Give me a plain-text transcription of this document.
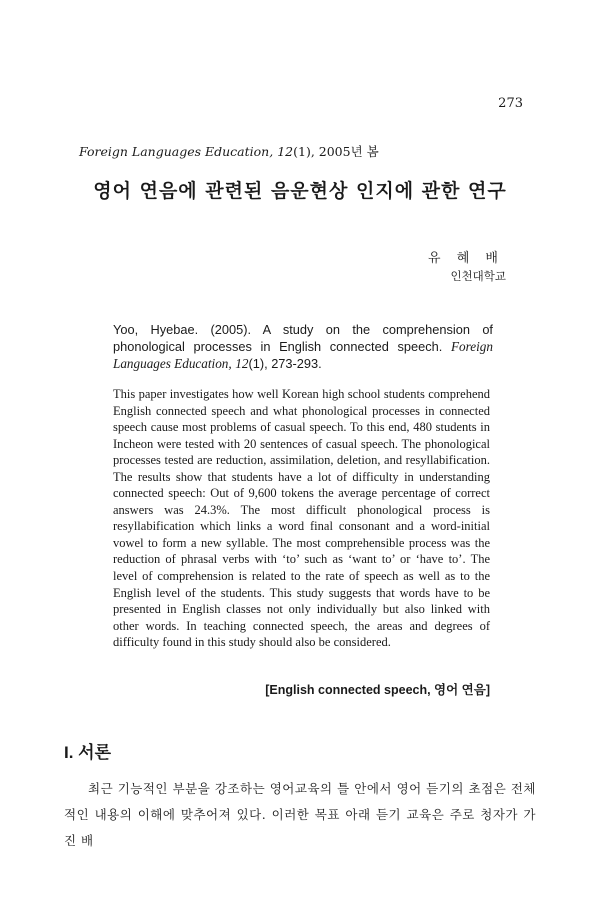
273
Foreign Languages Education, 12(1), 2005년 봄
영어 연음에 관련된 음운현상 인지에 관한 연구
유 혜 배
인천대학교
Yoo, Hyebae. (2005). A study on the comprehension of phonological processes in English connected speech. Foreign Languages Education, 12(1), 273-293.
This paper investigates how well Korean high school students comprehend English connected speech and what phonological processes in connected speech cause most problems of casual speech. To this end, 480 students in Incheon were tested with 20 sentences of casual speech. The phonological processes tested are reduction, assimilation, deletion, and resyllabification. The results show that students have a lot of difficulty in understanding connected speech: Out of 9,600 tokens the average percentage of correct answers was 24.3%. The most difficult phonological process is resyllabification which links a word final consonant and a word-initial vowel to form a new syllable. The most comprehensible process was the reduction of phrasal verbs with ‘to’ such as ‘want to’ or ‘have to’. The level of comprehension is related to the rate of speech as well as to the English level of the students. This study suggests that words have to be presented in English classes not only individually but also linked with other words. In teaching connected speech, the areas and degrees of difficulty found in this study should also be considered.
[English connected speech, 영어 연음]
I. 서론
최근 기능적인 부분을 강조하는 영어교육의 틀 안에서 영어 듣기의 초점은 전체적인 내용의 이해에 맞추어져 있다. 이러한 목표 아래 듣기 교육은 주로 청자가 가진 배
